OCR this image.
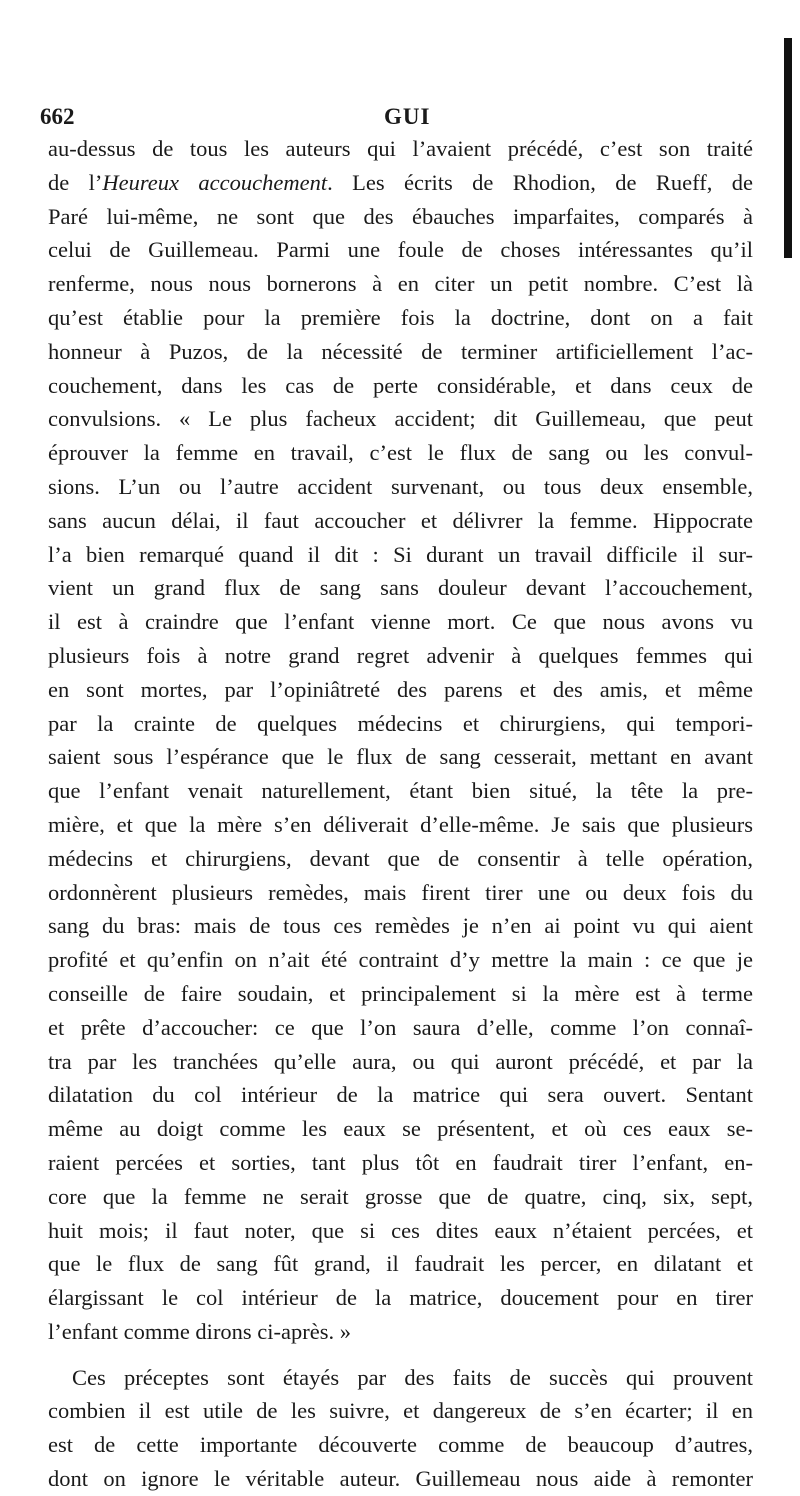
662	GUI
au-dessus de tous les auteurs qui l’avaient précédé, c’est son traité
de l’Heureux accouchement. Les écrits de Rhodion, de Rueff, de
Paré lui-même, ne sont que des ébauches imparfaites, comparés à
celui de Guillemeau. Parmi une foule de choses intéressantes qu’il
renferme, nous nous bornerons à en citer un petit nombre. C’est là
qu’est établie pour la première fois la doctrine, dont on a fait
honneur à Puzos, de la nécessité de terminer artificiellement l’ac-
couchement, dans les cas de perte considérable, et dans ceux de
convulsions. « Le plus facheux accident; dit Guillemeau, que peut
éprouver la femme en travail, c’est le flux de sang ou les convul-
sions. L’un ou l’autre accident survenant, ou tous deux ensemble,
sans aucun délai, il faut accoucher et délivrer la femme. Hippocrate
l’a bien remarqué quand il dit : Si durant un travail difficile il sur-
vient un grand flux de sang sans douleur devant l’accouchement,
il est à craindre que l’enfant vienne mort. Ce que nous avons vu
plusieurs fois à notre grand regret advenir à quelques femmes qui
en sont mortes, par l’opiniâtreté des parens et des amis, et même
par la crainte de quelques médecins et chirurgiens, qui tempori-
saient sous l’espérance que le flux de sang cesserait, mettant en avant
que l’enfant venait naturellement, étant bien situé, la tête la pre-
mière, et que la mère s’en déliverait d’elle-même. Je sais que plusieurs
médecins et chirurgiens, devant que de consentir à telle opération,
ordonnèrent plusieurs remèdes, mais firent tirer une ou deux fois du
sang du bras: mais de tous ces remèdes je n’en ai point vu qui aient
profité et qu’enfin on n’ait été contraint d’y mettre la main : ce que je
conseille de faire soudain, et principalement si la mère est à terme
et prête d’accoucher: ce que l’on saura d’elle, comme l’on connaî-
tra par les tranchées qu’elle aura, ou qui auront précédé, et par la
dilatation du col intérieur de la matrice qui sera ouvert. Sentant
même au doigt comme les eaux se présentent, et où ces eaux se-
raient percées et sorties, tant plus tôt en faudrait tirer l’enfant, en-
core que la femme ne serait grosse que de quatre, cinq, six, sept,
huit mois; il faut noter, que si ces dites eaux n’étaient percées, et
que le flux de sang fût grand, il faudrait les percer, en dilatant et
élargissant le col intérieur de la matrice, doucement pour en tirer
l’enfant comme dirons ci-après. »
Ces préceptes sont étayés par des faits de succès qui prouvent
combien il est utile de les suivre, et dangereux de s’en écarter; il en
est de cette importante découverte comme de beaucoup d’autres,
dont on ignore le véritable auteur. Guillemeau nous aide à remonter
